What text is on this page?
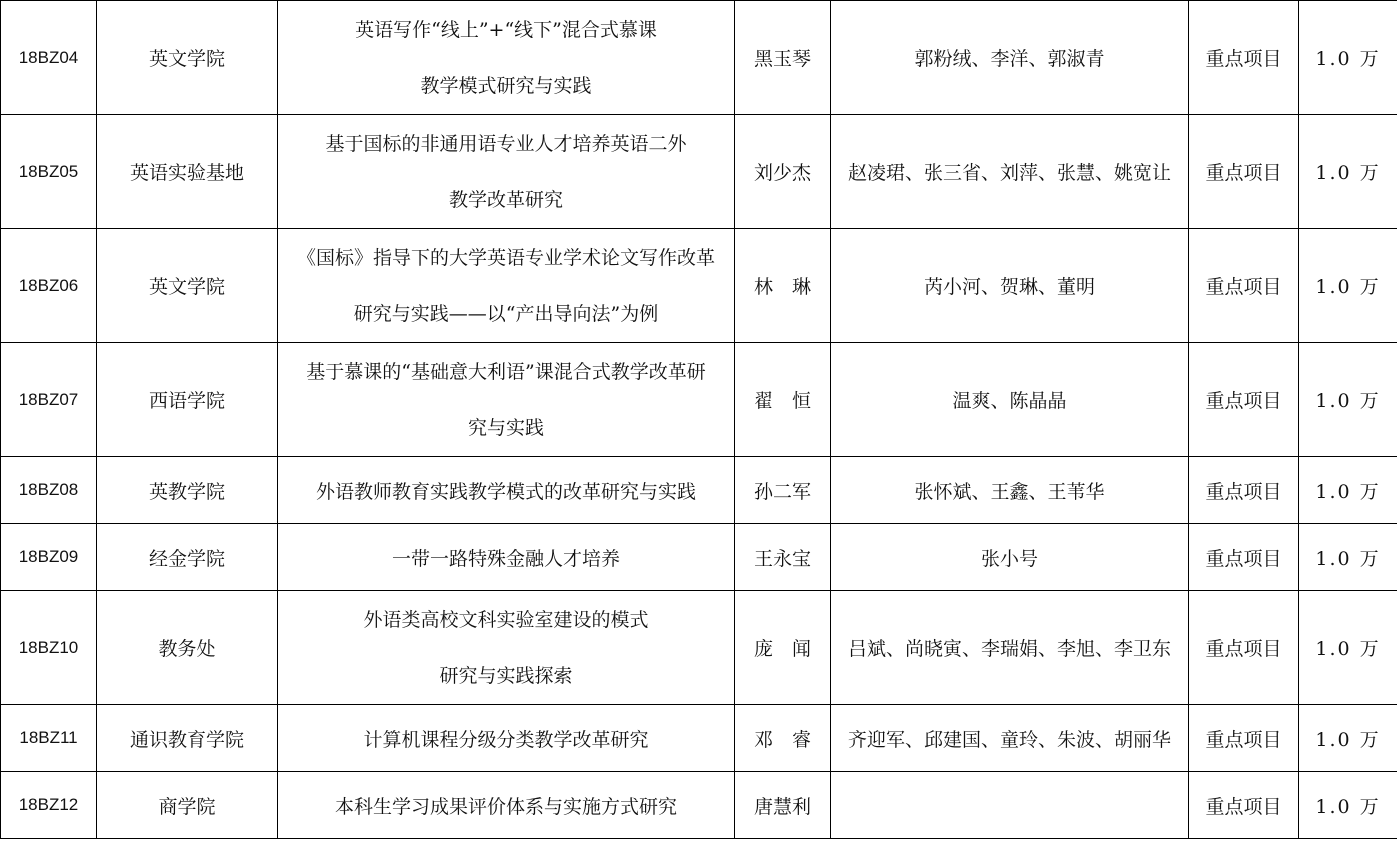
18BZ04	英文学院	英语写作“线上”+“线下”混合式慕课
教学模式研究与实践	黑玉琴	郭粉绒、李洋、郭淑青	重点项目	1.0 万
18BZ05	英语实验基地	基于国标的非通用语专业人才培养英语二外
教学改革研究	刘少杰	赵凌珺、张三省、刘萍、张慧、姚宽让	重点项目	1.0 万
18BZ06	英文学院	《国标》指导下的大学英语专业学术论文写作改革
研究与实践——以“产出导向法”为例	林　琳	芮小河、贺琳、董明	重点项目	1.0 万
18BZ07	西语学院	基于慕课的“基础意大利语”课混合式教学改革研
究与实践	翟　恒	温爽、陈晶晶	重点项目	1.0 万
18BZ08	英教学院	外语教师教育实践教学模式的改革研究与实践	孙二军	张怀斌、王鑫、王苇华	重点项目	1.0 万
18BZ09	经金学院	一带一路特殊金融人才培养	王永宝	张小号	重点项目	1.0 万
18BZ10	教务处	外语类高校文科实验室建设的模式
研究与实践探索	庞　闻	吕斌、尚晓寅、李瑞娟、李旭、李卫东	重点项目	1.0 万
18BZ11	通识教育学院	计算机课程分级分类教学改革研究	邓　睿	齐迎军、邱建国、童玲、朱波、胡丽华	重点项目	1.0 万
18BZ12	商学院	本科生学习成果评价体系与实施方式研究	唐慧利		重点项目	1.0 万
